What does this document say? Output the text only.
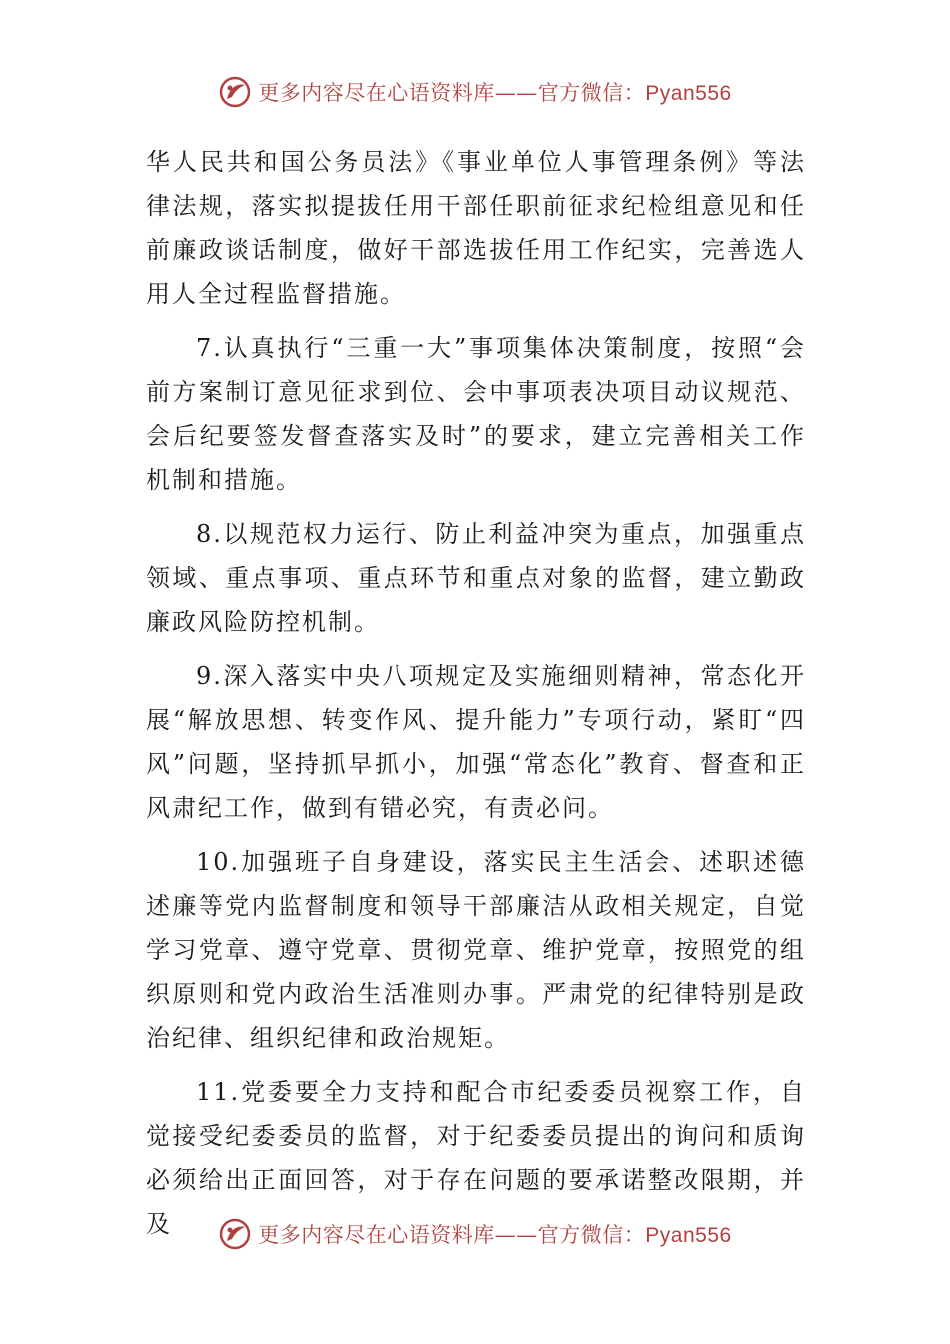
更多内容尽在心语资料库——官方微信：Pyan556

华人民共和国公务员法》《事业单位人事管理条例》等法律法规，落实拟提拔任用干部任职前征求纪检组意见和任前廉政谈话制度，做好干部选拔任用工作纪实，完善选人用人全过程监督措施。

7.认真执行“三重一大”事项集体决策制度，按照“会前方案制订意见征求到位、会中事项表决项目动议规范、会后纪要签发督查落实及时”的要求，建立完善相关工作机制和措施。

8.以规范权力运行、防止利益冲突为重点，加强重点领域、重点事项、重点环节和重点对象的监督，建立勤政廉政风险防控机制。

9.深入落实中央八项规定及实施细则精神，常态化开展“解放思想、转变作风、提升能力”专项行动，紧盯“四风”问题，坚持抓早抓小，加强“常态化”教育、督查和正风肃纪工作，做到有错必究，有责必问。

10.加强班子自身建设，落实民主生活会、述职述德述廉等党内监督制度和领导干部廉洁从政相关规定，自觉学习党章、遵守党章、贯彻党章、维护党章，按照党的组织原则和党内政治生活准则办事。严肃党的纪律特别是政治纪律、组织纪律和政治规矩。

11.党委要全力支持和配合市纪委委员视察工作，自觉接受纪委委员的监督，对于纪委委员提出的询问和质询必须给出正面回答，对于存在问题的要承诺整改限期，并及	更多内容尽在心语资料库——官方微信：Pyan556
